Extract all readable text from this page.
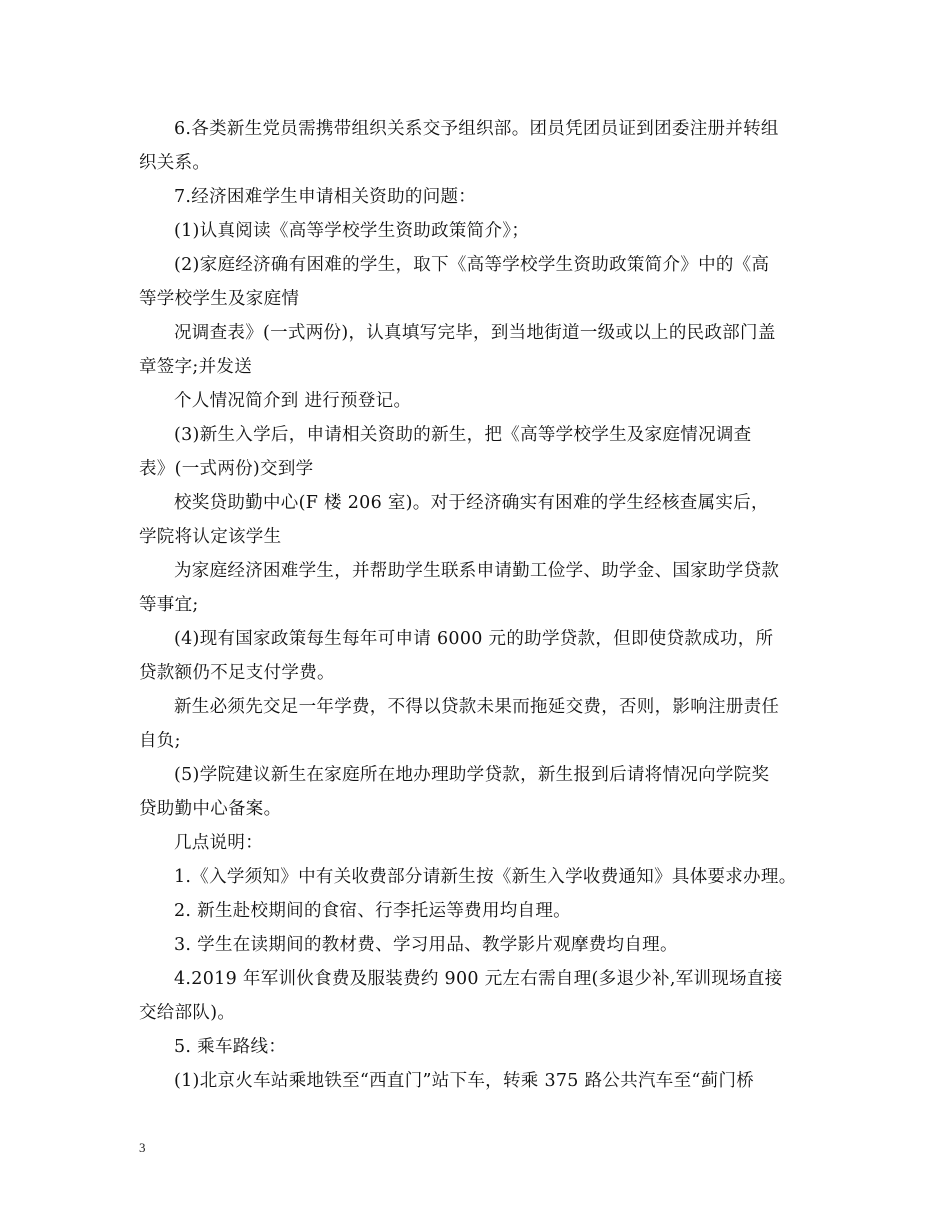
6.各类新生党员需携带组织关系交予组织部。团员凭团员证到团委注册并转组
织关系。
7.经济困难学生申请相关资助的问题：
(1)认真阅读《高等学校学生资助政策简介》；
(2)家庭经济确有困难的学生，取下《高等学校学生资助政策简介》中的《高
等学校学生及家庭情
况调查表》(一式两份)，认真填写完毕，到当地街道一级或以上的民政部门盖
章签字;并发送
个人情况简介到 进行预登记。
(3)新生入学后，申请相关资助的新生，把《高等学校学生及家庭情况调查
表》(一式两份)交到学
校奖贷助勤中心(F 楼 206 室)。对于经济确实有困难的学生经核查属实后，
学院将认定该学生
为家庭经济困难学生，并帮助学生联系申请勤工俭学、助学金、国家助学贷款
等事宜;
(4)现有国家政策每生每年可申请 6000 元的助学贷款，但即使贷款成功，所
贷款额仍不足支付学费。
新生必须先交足一年学费，不得以贷款未果而拖延交费，否则，影响注册责任
自负;
(5)学院建议新生在家庭所在地办理助学贷款，新生报到后请将情况向学院奖
贷助勤中心备案。
几点说明：
1.《入学须知》中有关收费部分请新生按《新生入学收费通知》具体要求办理。
2. 新生赴校期间的食宿、行李托运等费用均自理。
3. 学生在读期间的教材费、学习用品、教学影片观摩费均自理。
4.2019 年军训伙食费及服装费约 900 元左右需自理(多退少补,军训现场直接
交给部队)。
5. 乘车路线：
(1)北京火车站乘地铁至“西直门”站下车，转乘 375 路公共汽车至“蓟门桥
3
